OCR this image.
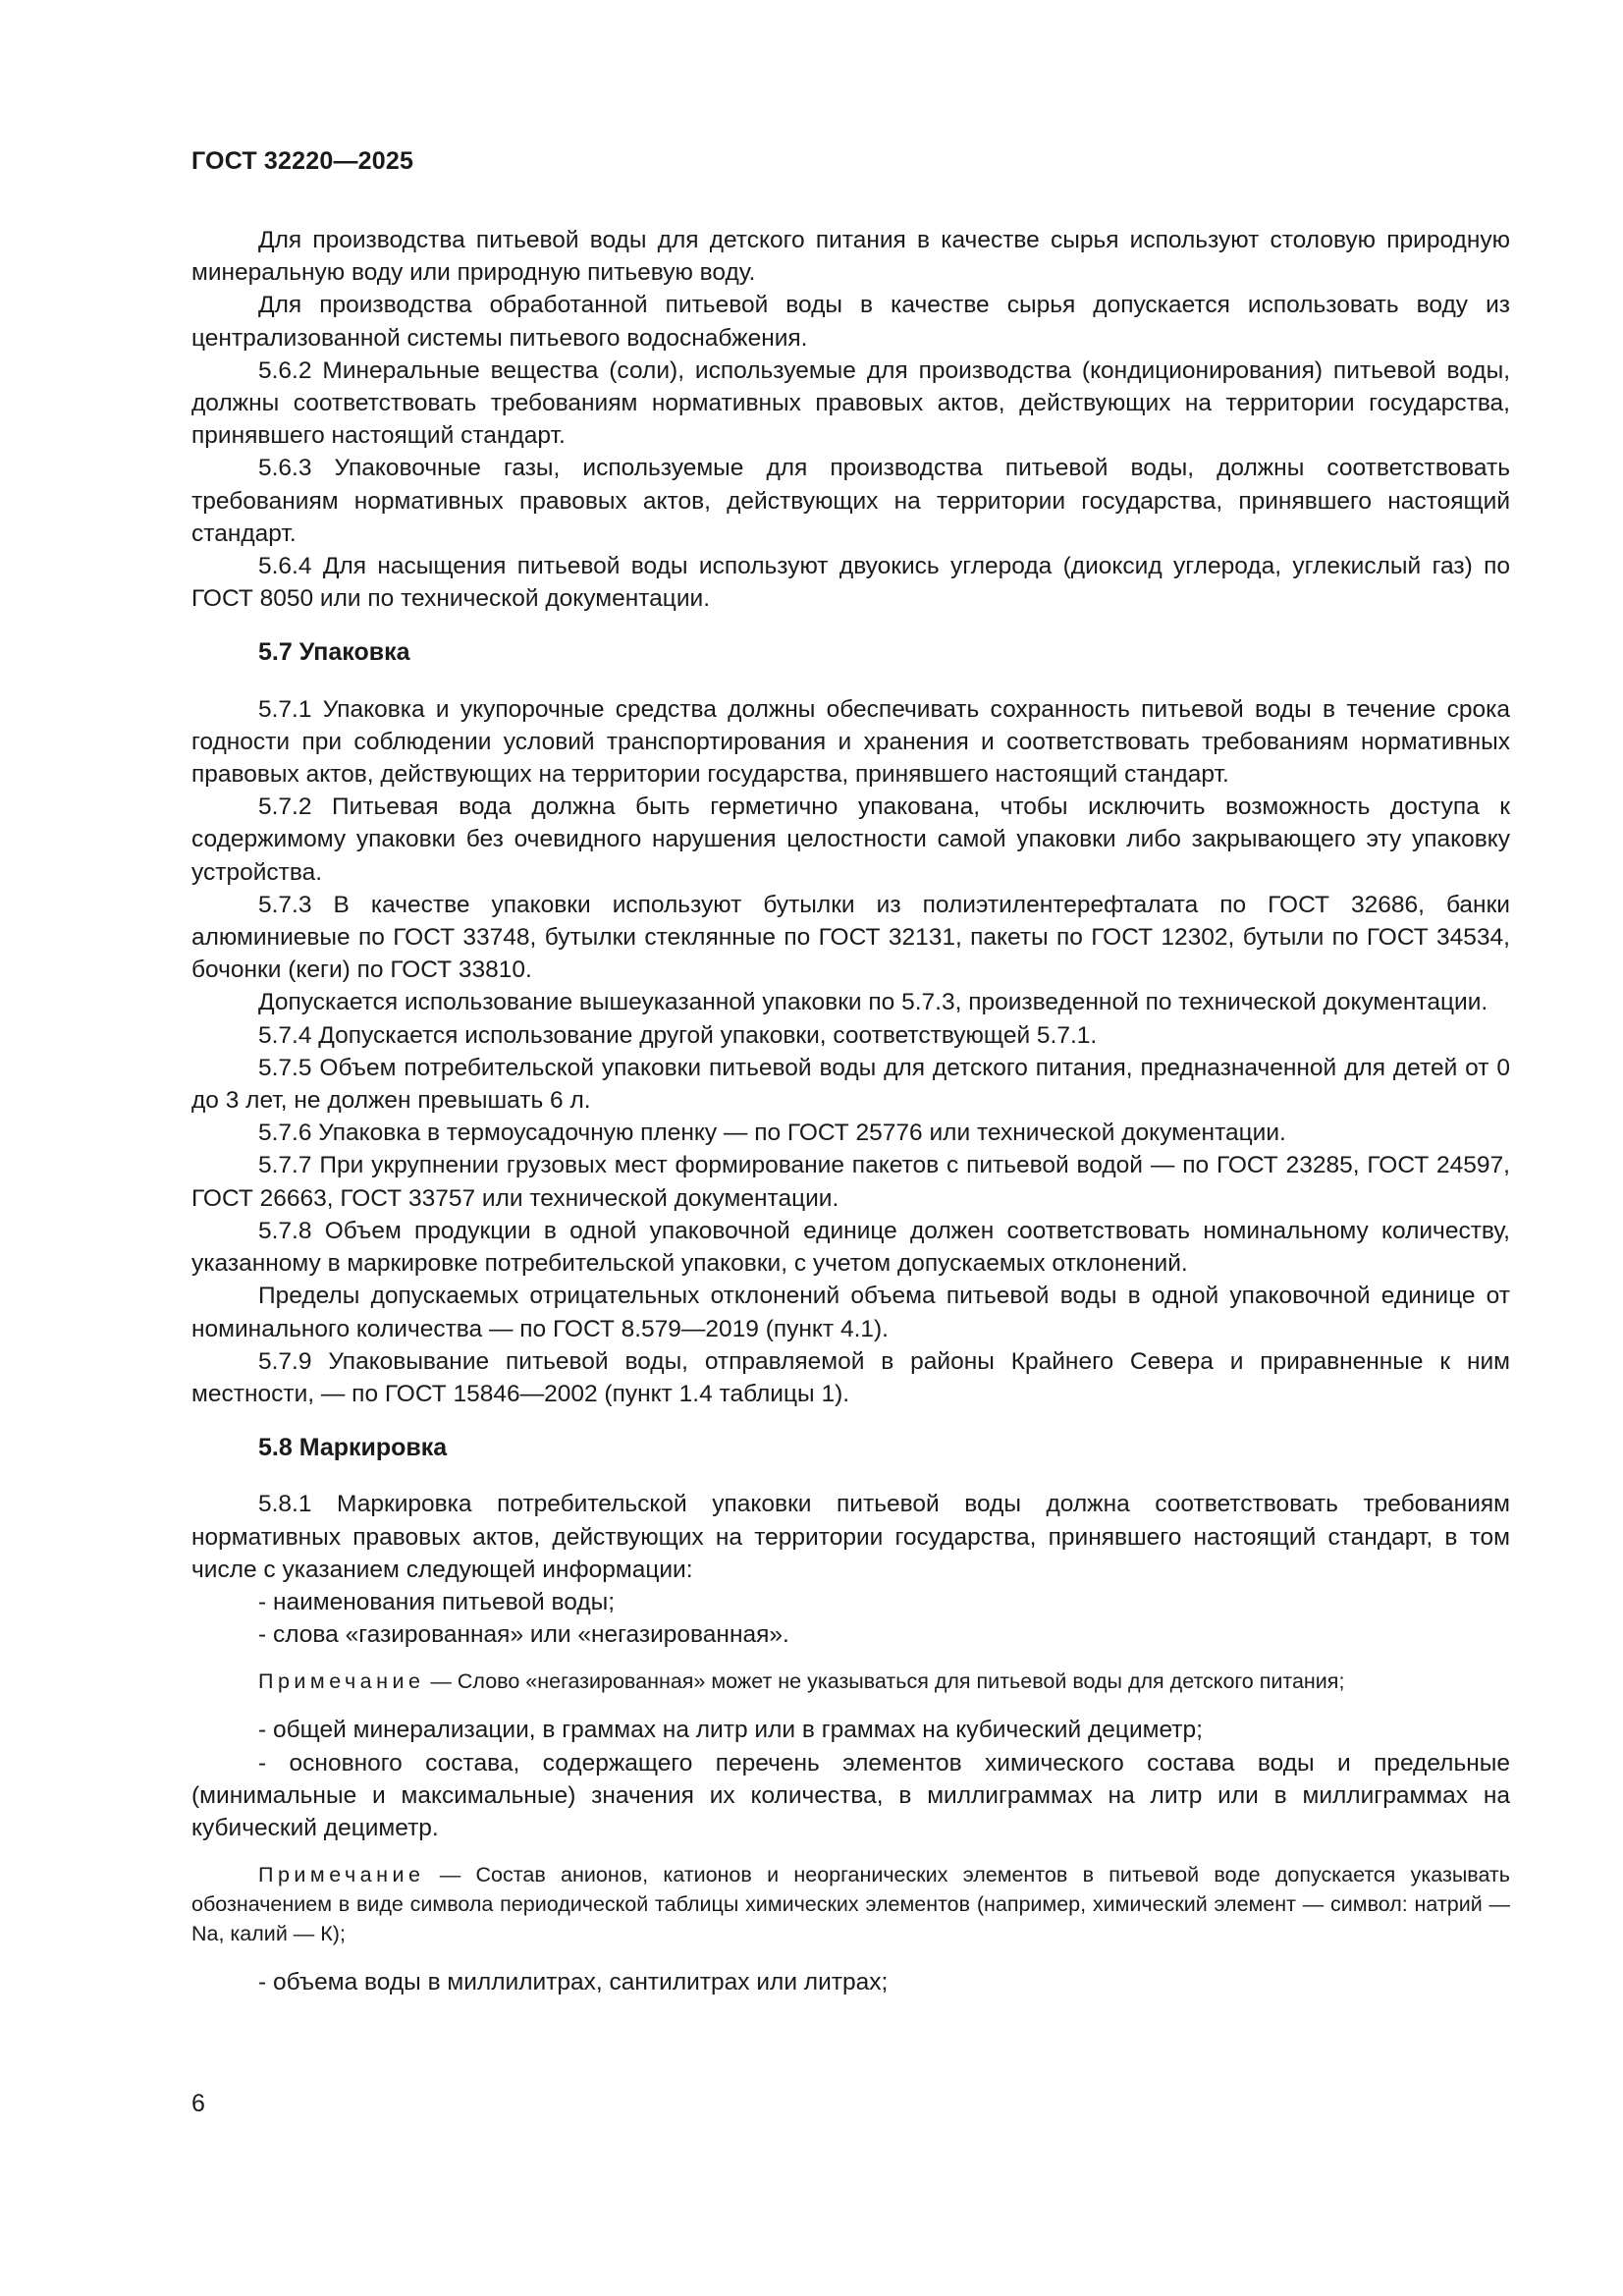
ГОСТ 32220—2025

Для производства питьевой воды для детского питания в качестве сырья используют столовую природную минеральную воду или природную питьевую воду.

Для производства обработанной питьевой воды в качестве сырья допускается использовать воду из централизованной системы питьевого водоснабжения.

5.6.2 Минеральные вещества (соли), используемые для производства (кондиционирования) питьевой воды, должны соответствовать требованиям нормативных правовых актов, действующих на территории государства, принявшего настоящий стандарт.

5.6.3 Упаковочные газы, используемые для производства питьевой воды, должны соответствовать требованиям нормативных правовых актов, действующих на территории государства, принявшего настоящий стандарт.

5.6.4 Для насыщения питьевой воды используют двуокись углерода (диоксид углерода, углекислый газ) по ГОСТ 8050 или по технической документации.

5.7 Упаковка

5.7.1 Упаковка и укупорочные средства должны обеспечивать сохранность питьевой воды в течение срока годности при соблюдении условий транспортирования и хранения и соответствовать требованиям нормативных правовых актов, действующих на территории государства, принявшего настоящий стандарт.

5.7.2 Питьевая вода должна быть герметично упакована, чтобы исключить возможность доступа к содержимому упаковки без очевидного нарушения целостности самой упаковки либо закрывающего эту упаковку устройства.

5.7.3 В качестве упаковки используют бутылки из полиэтилентерефталата по ГОСТ 32686, банки алюминиевые по ГОСТ 33748, бутылки стеклянные по ГОСТ 32131, пакеты по ГОСТ 12302, бутыли по ГОСТ 34534, бочонки (кеги) по ГОСТ 33810.

Допускается использование вышеуказанной упаковки по 5.7.3, произведенной по технической документации.

5.7.4 Допускается использование другой упаковки, соответствующей 5.7.1.

5.7.5 Объем потребительской упаковки питьевой воды для детского питания, предназначенной для детей от 0 до 3 лет, не должен превышать 6 л.

5.7.6 Упаковка в термоусадочную пленку — по ГОСТ 25776 или технической документации.

5.7.7 При укрупнении грузовых мест формирование пакетов с питьевой водой — по ГОСТ 23285, ГОСТ 24597, ГОСТ 26663, ГОСТ 33757 или технической документации.

5.7.8 Объем продукции в одной упаковочной единице должен соответствовать номинальному количеству, указанному в маркировке потребительской упаковки, с учетом допускаемых отклонений.

Пределы допускаемых отрицательных отклонений объема питьевой воды в одной упаковочной единице от номинального количества — по ГОСТ 8.579—2019 (пункт 4.1).

5.7.9 Упаковывание питьевой воды, отправляемой в районы Крайнего Севера и приравненные к ним местности, — по ГОСТ 15846—2002 (пункт 1.4 таблицы 1).

5.8 Маркировка

5.8.1 Маркировка потребительской упаковки питьевой воды должна соответствовать требованиям нормативных правовых актов, действующих на территории государства, принявшего настоящий стандарт, в том числе с указанием следующей информации:

- наименования питьевой воды;

- слова «газированная» или «негазированная».

Примечание — Слово «негазированная» может не указываться для питьевой воды для детского питания;

- общей минерализации, в граммах на литр или в граммах на кубический дециметр;

- основного состава, содержащего перечень элементов химического состава воды и предельные (минимальные и максимальные) значения их количества, в миллиграммах на литр или в миллиграммах на кубический дециметр.

Примечание — Состав анионов, катионов и неорганических элементов в питьевой воде допускается указывать обозначением в виде символа периодической таблицы химических элементов (например, химический элемент — символ: натрий — Na, калий — К);

- объема воды в миллилитрах, сантилитрах или литрах;

6
